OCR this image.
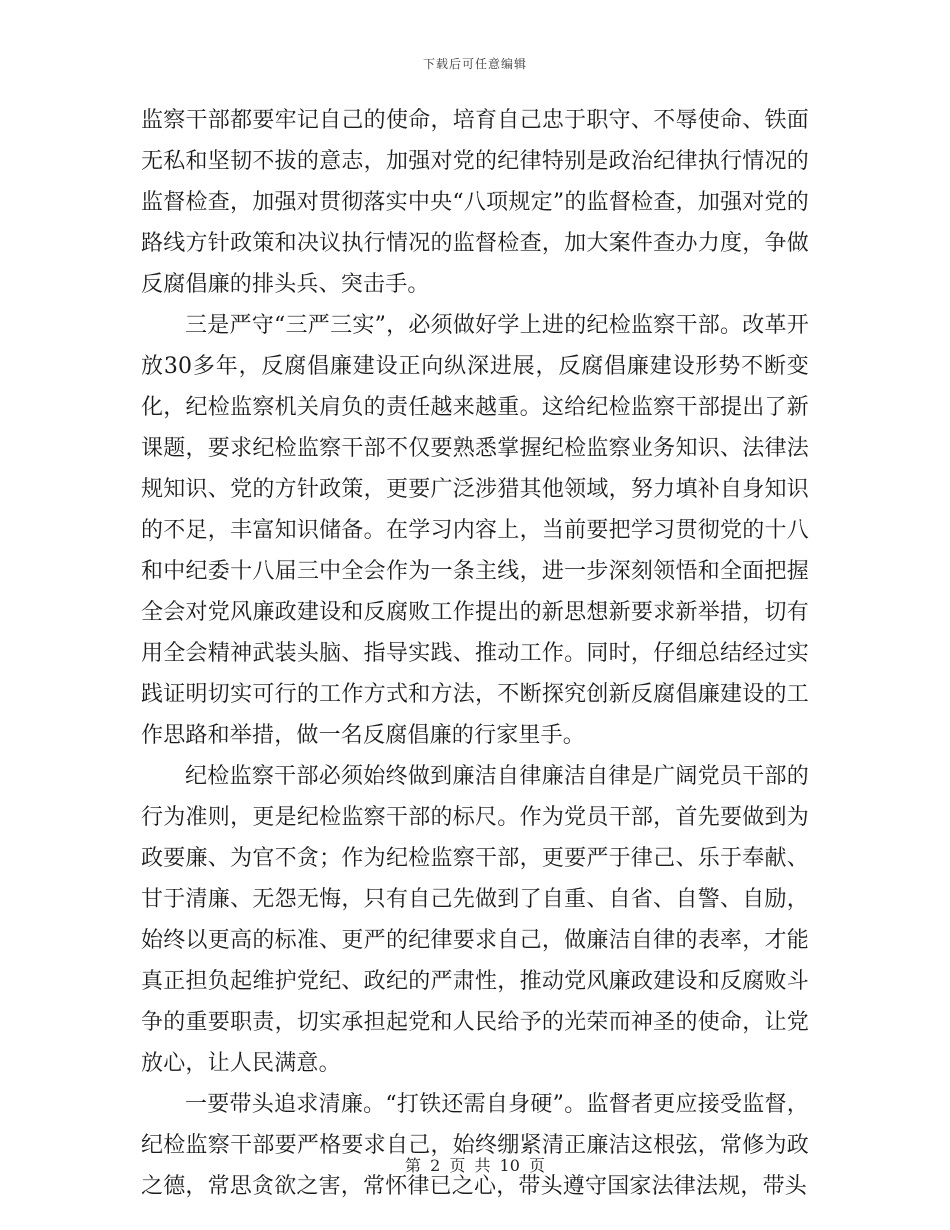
下载后可任意编辑

监察干部都要牢记自己的使命，培育自己忠于职守、不辱使命、铁面无私和坚韧不拔的意志，加强对党的纪律特别是政治纪律执行情况的监督检查，加强对贯彻落实中央“八项规定”的监督检查，加强对党的路线方针政策和决议执行情况的监督检查，加大案件查办力度，争做反腐倡廉的排头兵、突击手。

三是严守“三严三实”，必须做好学上进的纪检监察干部。改革开放30多年，反腐倡廉建设正向纵深进展，反腐倡廉建设形势不断变化，纪检监察机关肩负的责任越来越重。这给纪检监察干部提出了新课题，要求纪检监察干部不仅要熟悉掌握纪检监察业务知识、法律法规知识、党的方针政策，更要广泛涉猎其他领域，努力填补自身知识的不足，丰富知识储备。在学习内容上，当前要把学习贯彻党的十八和中纪委十八届三中全会作为一条主线，进一步深刻领悟和全面把握全会对党风廉政建设和反腐败工作提出的新思想新要求新举措，切有用全会精神武装头脑、指导实践、推动工作。同时，仔细总结经过实践证明切实可行的工作方式和方法，不断探究创新反腐倡廉建设的工作思路和举措，做一名反腐倡廉的行家里手。

纪检监察干部必须始终做到廉洁自律廉洁自律是广阔党员干部的行为准则，更是纪检监察干部的标尺。作为党员干部，首先要做到为政要廉、为官不贪；作为纪检监察干部，更要严于律己、乐于奉献、甘于清廉、无怨无悔，只有自己先做到了自重、自省、自警、自励，始终以更高的标准、更严的纪律要求自己，做廉洁自律的表率，才能真正担负起维护党纪、政纪的严肃性，推动党风廉政建设和反腐败斗争的重要职责，切实承担起党和人民给予的光荣而神圣的使命，让党放心，让人民满意。

一要带头追求清廉。“打铁还需自身硬”。监督者更应接受监督，纪检监察干部要严格要求自己，始终绷紧清正廉洁这根弦，常修为政之德，常思贪欲之害，常怀律已之心，带头遵守国家法律法规，带头

第 2 页 共 10 页
